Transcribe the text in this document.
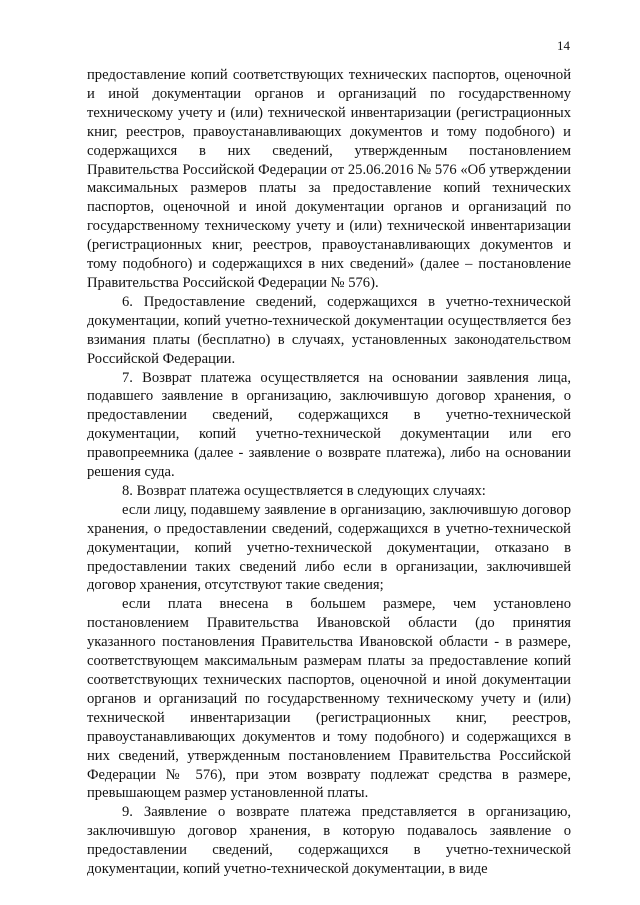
14

предоставление копий соответствующих технических паспортов, оценочной и иной документации органов и организаций по государственному техническому учету и (или) технической инвентаризации (регистрационных книг, реестров, правоустанавливающих документов и тому подобного) и содержащихся в них сведений, утвержденным постановлением Правительства Российской Федерации от 25.06.2016 № 576 «Об утверждении максимальных размеров платы за предоставление копий технических паспортов, оценочной и иной документации органов и организаций по государственному техническому учету и (или) технической инвентаризации (регистрационных книг, реестров, правоустанавливающих документов и тому подобного) и содержащихся в них сведений» (далее – постановление Правительства Российской Федерации № 576).

6. Предоставление сведений, содержащихся в учетно-технической документации, копий учетно-технической документации осуществляется без взимания платы (бесплатно) в случаях, установленных законодательством Российской Федерации.

7. Возврат платежа осуществляется на основании заявления лица, подавшего заявление в организацию, заключившую договор хранения, о предоставлении сведений, содержащихся в учетно-технической документации, копий учетно-технической документации или его правопреемника (далее - заявление о возврате платежа), либо на основании решения суда.

8. Возврат платежа осуществляется в следующих случаях:

если лицу, подавшему заявление в организацию, заключившую договор хранения, о предоставлении сведений, содержащихся в учетно-технической документации, копий учетно-технической документации, отказано в предоставлении таких сведений либо если в организации, заключившей договор хранения, отсутствуют такие сведения;

если плата внесена в большем размере, чем установлено постановлением Правительства Ивановской области (до принятия указанного постановления Правительства Ивановской области - в размере, соответствующем максимальным размерам платы за предоставление копий соответствующих технических паспортов, оценочной и иной документации органов и организаций по государственному техническому учету и (или) технической инвентаризации (регистрационных книг, реестров, правоустанавливающих документов и тому подобного) и содержащихся в них сведений, утвержденным постановлением Правительства Российской Федерации № 576), при этом возврату подлежат средства в размере, превышающем размер установленной платы.

9. Заявление о возврате платежа представляется в организацию, заключившую договор хранения, в которую подавалось заявление о предоставлении сведений, содержащихся в учетно-технической документации, копий учетно-технической документации, в виде
